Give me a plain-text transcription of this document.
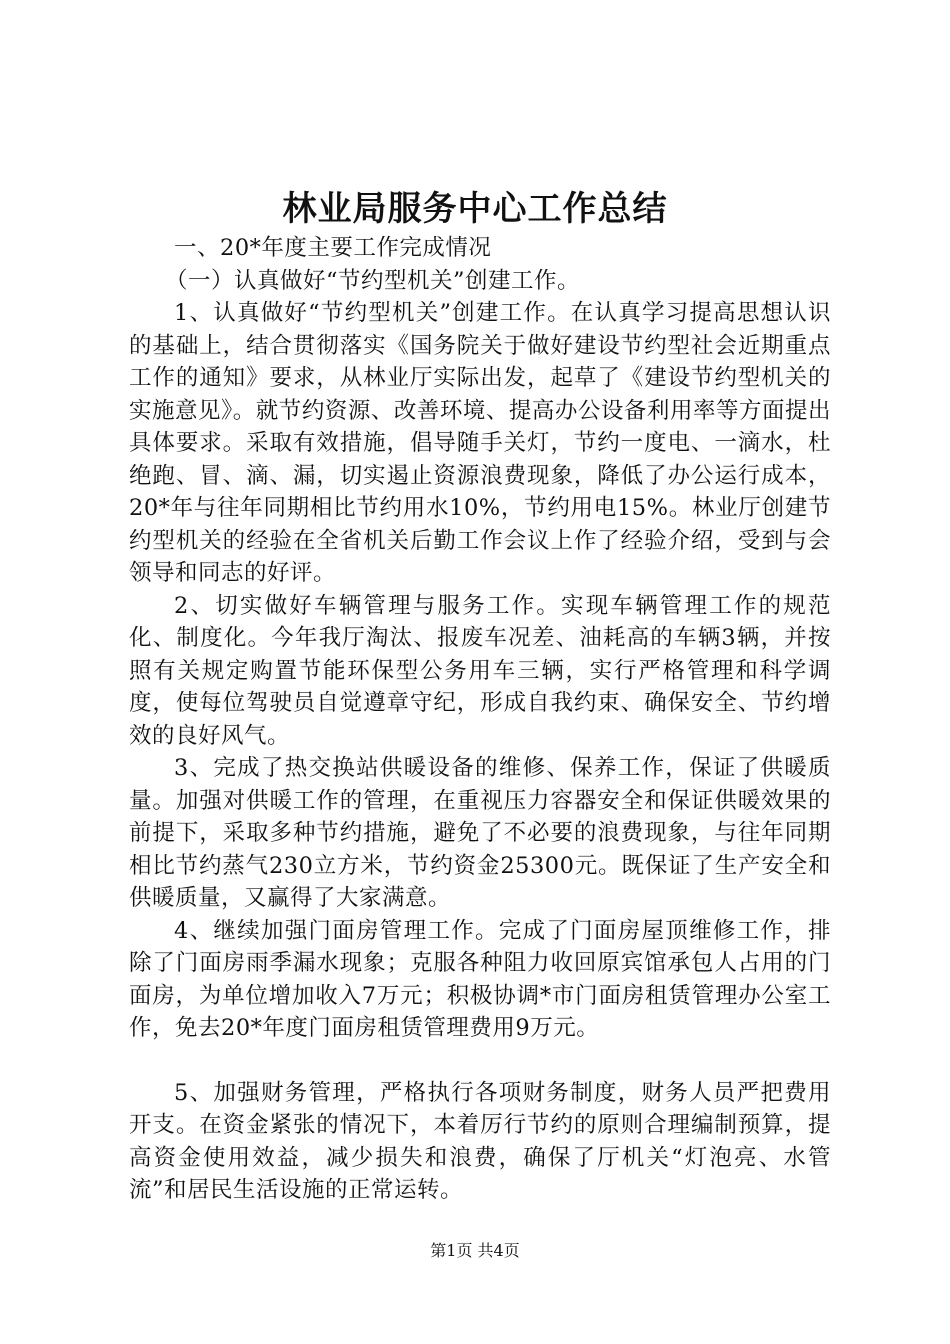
林业局服务中心工作总结

一、20*年度主要工作完成情况

（一）认真做好“节约型机关”创建工作。

1、认真做好“节约型机关”创建工作。在认真学习提高思想认识的基础上，结合贯彻落实《国务院关于做好建设节约型社会近期重点工作的通知》要求，从林业厅实际出发，起草了《建设节约型机关的实施意见》。就节约资源、改善环境、提高办公设备利用率等方面提出具体要求。采取有效措施，倡导随手关灯，节约一度电、一滴水，杜绝跑、冒、滴、漏，切实遏止资源浪费现象，降低了办公运行成本，20*年与往年同期相比节约用水10%，节约用电15%。林业厅创建节约型机关的经验在全省机关后勤工作会议上作了经验介绍，受到与会领导和同志的好评。

2、切实做好车辆管理与服务工作。实现车辆管理工作的规范化、制度化。今年我厅淘汰、报废车况差、油耗高的车辆3辆，并按照有关规定购置节能环保型公务用车三辆，实行严格管理和科学调度，使每位驾驶员自觉遵章守纪，形成自我约束、确保安全、节约增效的良好风气。

3、完成了热交换站供暖设备的维修、保养工作，保证了供暖质量。加强对供暖工作的管理，在重视压力容器安全和保证供暖效果的前提下，采取多种节约措施，避免了不必要的浪费现象，与往年同期相比节约蒸气230立方米，节约资金25300元。既保证了生产安全和供暖质量，又赢得了大家满意。

4、继续加强门面房管理工作。完成了门面房屋顶维修工作，排除了门面房雨季漏水现象；克服各种阻力收回原宾馆承包人占用的门面房，为单位增加收入7万元；积极协调*市门面房租赁管理办公室工作，免去20*年度门面房租赁管理费用9万元。

5、加强财务管理，严格执行各项财务制度，财务人员严把费用开支。在资金紧张的情况下，本着厉行节约的原则合理编制预算，提高资金使用效益，减少损失和浪费，确保了厅机关“灯泡亮、水管流”和居民生活设施的正常运转。

第1页 共4页
